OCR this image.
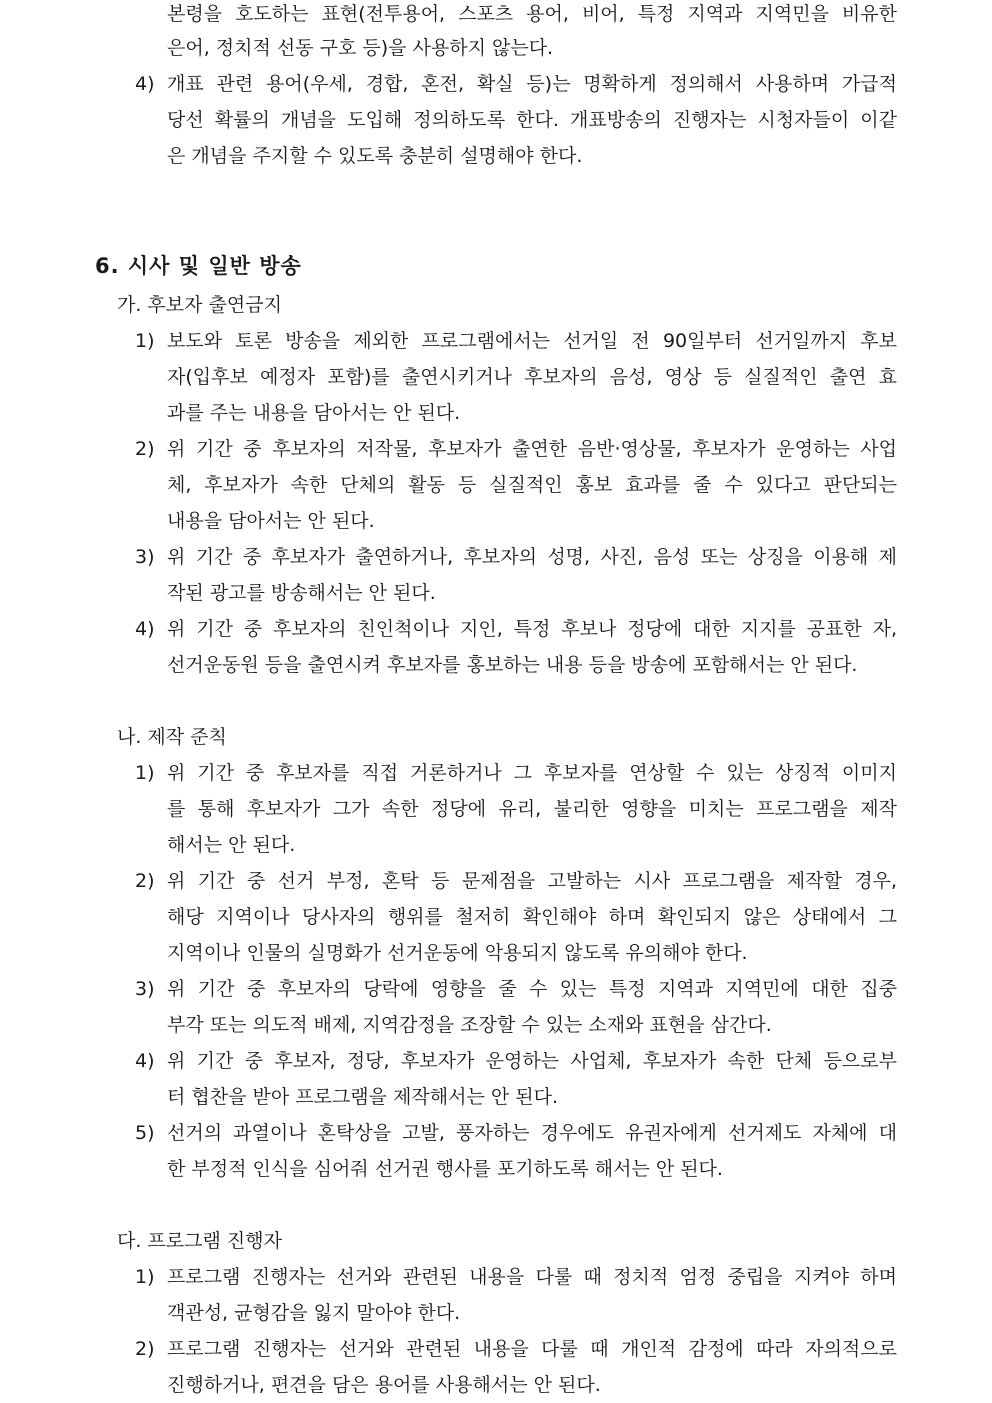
본령을 호도하는 표현(전투용어, 스포츠 용어, 비어, 특정 지역과 지역민을 비유한
은어, 정치적 선동 구호 등)을 사용하지 않는다.
4) 개표 관련 용어(우세, 경합, 혼전, 확실 등)는 명확하게 정의해서 사용하며 가급적
당선 확률의 개념을 도입해 정의하도록 한다. 개표방송의 진행자는 시청자들이 이같
은 개념을 주지할 수 있도록 충분히 설명해야 한다.
6. 시사 및 일반 방송
가. 후보자 출연금지
1) 보도와 토론 방송을 제외한 프로그램에서는 선거일 전 90일부터 선거일까지 후보
자(입후보 예정자 포함)를 출연시키거나 후보자의 음성, 영상 등 실질적인 출연 효
과를 주는 내용을 담아서는 안 된다.
2) 위 기간 중 후보자의 저작물, 후보자가 출연한 음반·영상물, 후보자가 운영하는 사업
체, 후보자가 속한 단체의 활동 등 실질적인 홍보 효과를 줄 수 있다고 판단되는
내용을 담아서는 안 된다.
3) 위 기간 중 후보자가 출연하거나, 후보자의 성명, 사진, 음성 또는 상징을 이용해 제
작된 광고를 방송해서는 안 된다.
4) 위 기간 중 후보자의 친인척이나 지인, 특정 후보나 정당에 대한 지지를 공표한 자,
선거운동원 등을 출연시켜 후보자를 홍보하는 내용 등을 방송에 포함해서는 안 된다.
나. 제작 준칙
1) 위 기간 중 후보자를 직접 거론하거나 그 후보자를 연상할 수 있는 상징적 이미지
를 통해 후보자가 그가 속한 정당에 유리, 불리한 영향을 미치는 프로그램을 제작
해서는 안 된다.
2) 위 기간 중 선거 부정, 혼탁 등 문제점을 고발하는 시사 프로그램을 제작할 경우,
해당 지역이나 당사자의 행위를 철저히 확인해야 하며 확인되지 않은 상태에서 그
지역이나 인물의 실명화가 선거운동에 악용되지 않도록 유의해야 한다.
3) 위 기간 중 후보자의 당락에 영향을 줄 수 있는 특정 지역과 지역민에 대한 집중
부각 또는 의도적 배제, 지역감정을 조장할 수 있는 소재와 표현을 삼간다.
4) 위 기간 중 후보자, 정당, 후보자가 운영하는 사업체, 후보자가 속한 단체 등으로부
터 협찬을 받아 프로그램을 제작해서는 안 된다.
5) 선거의 과열이나 혼탁상을 고발, 풍자하는 경우에도 유권자에게 선거제도 자체에 대
한 부정적 인식을 심어줘 선거권 행사를 포기하도록 해서는 안 된다.
다. 프로그램 진행자
1) 프로그램 진행자는 선거와 관련된 내용을 다룰 때 정치적 엄정 중립을 지켜야 하며
객관성, 균형감을 잃지 말아야 한다.
2) 프로그램 진행자는 선거와 관련된 내용을 다룰 때 개인적 감정에 따라 자의적으로
진행하거나, 편견을 담은 용어를 사용해서는 안 된다.
